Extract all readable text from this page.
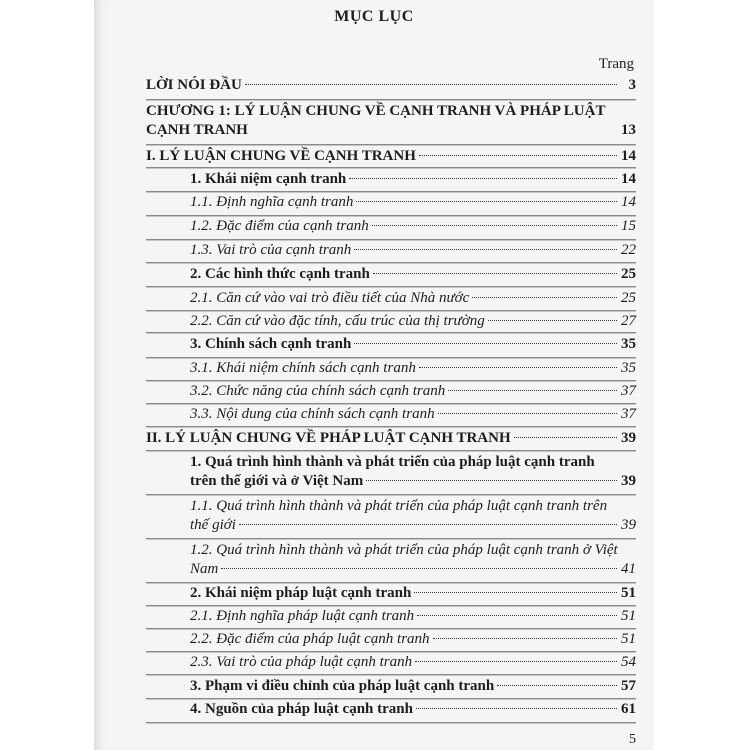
MỤC LỤC
Trang
LỜI NÓI ĐẦU	3
CHƯƠNG 1: LÝ LUẬN CHUNG VỀ CẠNH TRANH VÀ PHÁP LUẬT
CẠNH TRANH	13
I. LÝ LUẬN CHUNG VỀ CẠNH TRANH	14
1. Khái niệm cạnh tranh	14
1.1. Định nghĩa cạnh tranh	14
1.2. Đặc điểm của cạnh tranh	15
1.3. Vai trò của cạnh tranh	22
2. Các hình thức cạnh tranh	25
2.1. Căn cứ vào vai trò điều tiết của Nhà nước	25
2.2. Căn cứ vào đặc tính, cấu trúc của thị trường	27
3. Chính sách cạnh tranh	35
3.1. Khái niệm chính sách cạnh tranh	35
3.2. Chức năng của chính sách cạnh tranh	37
3.3. Nội dung của chính sách cạnh tranh	37
II. LÝ LUẬN CHUNG VỀ PHÁP LUẬT CẠNH TRANH	39
1. Quá trình hình thành và phát triển của pháp luật cạnh tranh
trên thế giới và ở Việt Nam	39
1.1. Quá trình hình thành và phát triển của pháp luật cạnh tranh trên
thế giới	39
1.2. Quá trình hình thành và phát triển của pháp luật cạnh tranh ở Việt
Nam	41
2. Khái niệm pháp luật cạnh tranh	51
2.1. Định nghĩa pháp luật cạnh tranh	51
2.2. Đặc điểm của pháp luật cạnh tranh	51
2.3. Vai trò của pháp luật cạnh tranh	54
3. Phạm vi điều chỉnh của pháp luật cạnh tranh	57
4. Nguồn của pháp luật cạnh tranh	61
5
